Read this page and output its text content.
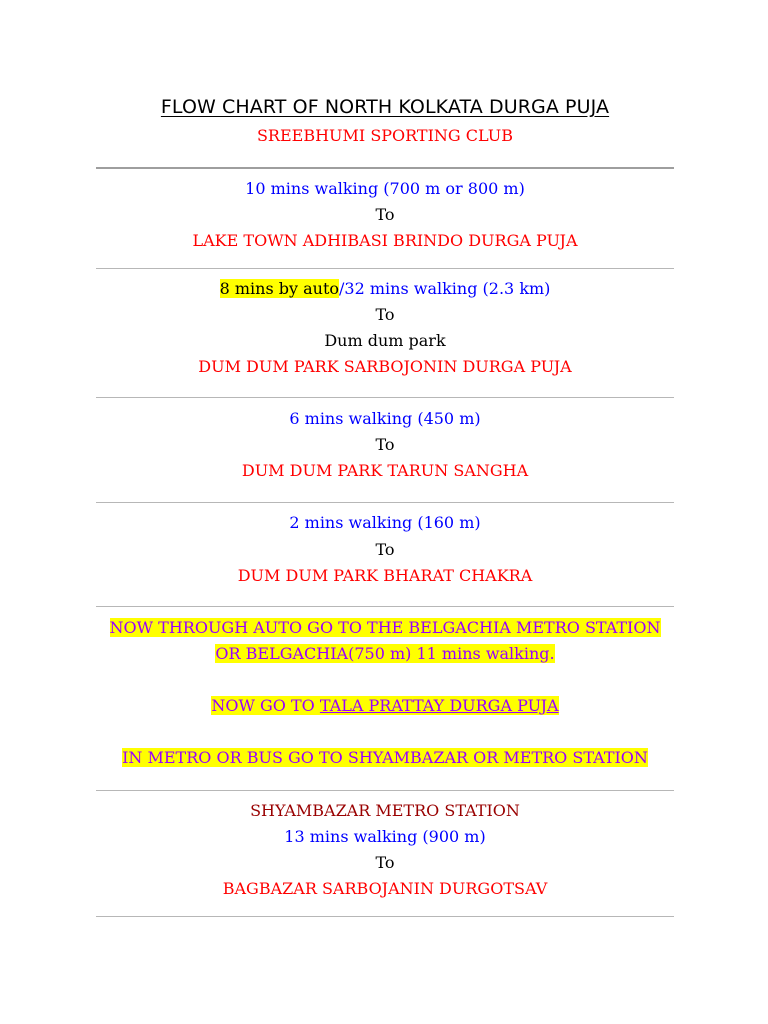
FLOW CHART OF NORTH KOLKATA DURGA PUJA
SREEBHUMI SPORTING CLUB
10 mins walking (700 m or 800 m)
To
LAKE TOWN ADHIBASI BRINDO DURGA PUJA
8 mins by auto/32 mins walking (2.3 km)
To
Dum dum park
DUM DUM PARK SARBOJONIN DURGA PUJA
6 mins walking (450 m)
To
DUM DUM PARK TARUN SANGHA
2 mins walking (160 m)
To
DUM DUM PARK BHARAT CHAKRA
NOW THROUGH AUTO GO TO THE BELGACHIA METRO STATION
OR BELGACHIA(750 m) 11 mins walking.
NOW GO TO TALA PRATTAY DURGA PUJA
IN METRO OR BUS GO TO SHYAMBAZAR OR METRO STATION
SHYAMBAZAR METRO STATION
13 mins walking (900 m)
To
BAGBAZAR SARBOJANIN DURGOTSAV
